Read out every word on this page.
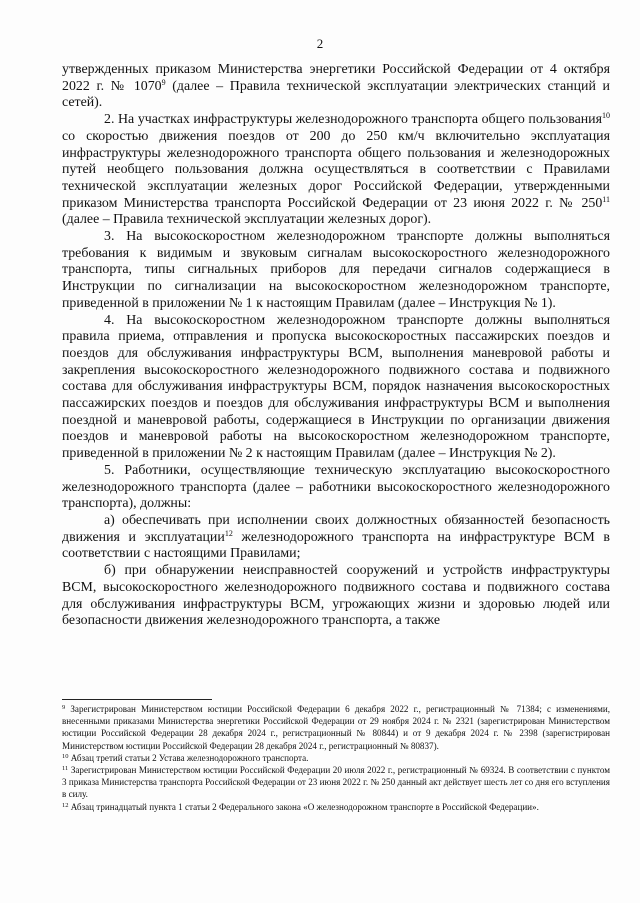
2

утвержденных приказом Министерства энергетики Российской Федерации от 4 октября 2022 г. № 1070$^9$ (далее – Правила технической эксплуатации электрических станций и сетей).

2. На участках инфраструктуры железнодорожного транспорта общего пользования$^{10}$ со скоростью движения поездов от 200 до 250 км/ч включительно эксплуатация инфраструктуры железнодорожного транспорта общего пользования и железнодорожных путей необщего пользования должна осуществляться в соответствии с Правилами технической эксплуатации железных дорог Российской Федерации, утвержденными приказом Министерства транспорта Российской Федерации от 23 июня 2022 г. № $250^{11}$ (далее – Правила технической эксплуатации железных дорог).

3. На высокоскоростном железнодорожном транспорте должны выполняться требования к видимым и звуковым сигналам высокоскоростного железнодорожного транспорта, типы сигнальных приборов для передачи сигналов содержащиеся в Инструкции по сигнализации на высокоскоростном железнодорожном транспорте, приведенной в приложении № 1 к настоящим Правилам (далее – Инструкция № 1).

4. На высокоскоростном железнодорожном транспорте должны выполняться правила приема, отправления и пропуска высокоскоростных пассажирских поездов и поездов для обслуживания инфраструктуры ВСМ, выполнения маневровой работы и закрепления высокоскоростного железнодорожного подвижного состава и подвижного состава для обслуживания инфраструктуры ВСМ, порядок назначения высокоскоростных пассажирских поездов и поездов для обслуживания инфраструктуры ВСМ и выполнения поездной и маневровой работы, содержащиеся в Инструкции по организации движения поездов и маневровой работы на высокоскоростном железнодорожном транспорте, приведенной в приложении № 2 к настоящим Правилам (далее – Инструкция № 2).

5. Работники, осуществляющие техническую эксплуатацию высокоскоростного железнодорожного транспорта (далее – работники высокоскоростного железнодорожного транспорта), должны:

а) обеспечивать при исполнении своих должностных обязанностей безопасность движения и эксплуатации$^{12}$ железнодорожного транспорта на инфраструктуре ВСМ в соответствии с настоящими Правилами;

б) при обнаружении неисправностей сооружений и устройств инфраструктуры ВСМ, высокоскоростного железнодорожного подвижного состава и подвижного состава для обслуживания инфраструктуры ВСМ, угрожающих жизни и здоровью людей или безопасности движения железнодорожного транспорта, а также

$^9$ Зарегистрирован Министерством юстиции Российской Федерации 6 декабря 2022 г., регистрационный № 71384; с изменениями, внесенными приказами Министерства энергетики Российской Федерации от 29 ноября 2024 г. № 2321 (зарегистрирован Министерством юстиции Российской Федерации 28 декабря 2024 г., регистрационный № 80844) и от 9 декабря 2024 г. № 2398 (зарегистрирован Министерством юстиции Российской Федерации 28 декабря 2024 г., регистрационный № 80837).

$^{10}$ Абзац третий статьи 2 Устава железнодорожного транспорта.

$^{11}$ Зарегистрирован Министерством юстиции Российской Федерации 20 июля 2022 г., регистрационный № 69324. В соответствии с пунктом 3 приказа Министерства транспорта Российской Федерации от 23 июня 2022 г. № 250 данный акт действует шесть лет со дня его вступления в силу.

$^{12}$ Абзац тринадцатый пункта 1 статьи 2 Федерального закона «О железнодорожном транспорте в Российской Федерации».
